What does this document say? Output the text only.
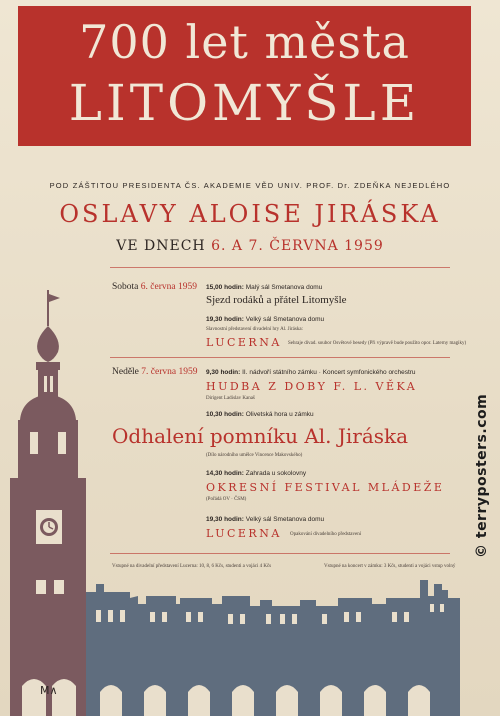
700 let města
LITOMYŠLE
POD ZÁŠTITOU PRESIDENTA ČS. AKADEMIE VĚD UNIV. PROF. Dr. ZDEŇKA NEJEDLÉHO
OSLAVY ALOISE JIRÁSKA
VE DNECH 6. A 7. ČERVNA 1959
Sobota 6. června 1959 15,00 hodin: Malý sál Smetanova domu
Sjezd rodáků a přátel Litomyšle
19,30 hodin: Velký sál Smetanova domu
Slavnostní představení divadelní hry Al. Jiráska:
LUCERNA Sehraje divad. soubor Osvětové besedy (Při výpravě bude použito opor. Laterny magiky)
Neděle 7. června 1959 9,30 hodin: II. nádvoří státního zámku · Koncert symfonického orchestru
HUDBA Z DOBY F. L. VĚKA
Dirigent Ladislav Kanaš
10,30 hodin: Olivetská hora u zámku
Odhalení pomníku Al. Jiráska
(Dílo národního umělce Vincence Makovského)
14,30 hodin: Zahrada u sokolovny
OKRESNÍ FESTIVAL MLÁDEŽE
(Pořádá OV · ČSM)
19,30 hodin: Velký sál Smetanova domu
LUCERNA Opakování divadelního představení
Vstupné na divadelní představení Lucerna: 10, 8, 6 Kčs, studenti a vojáci 4 Kčs	Vstupné na koncert v zámku: 3 Kčs, studenti a vojáci vstup volný
M∧
© terryposters.com
